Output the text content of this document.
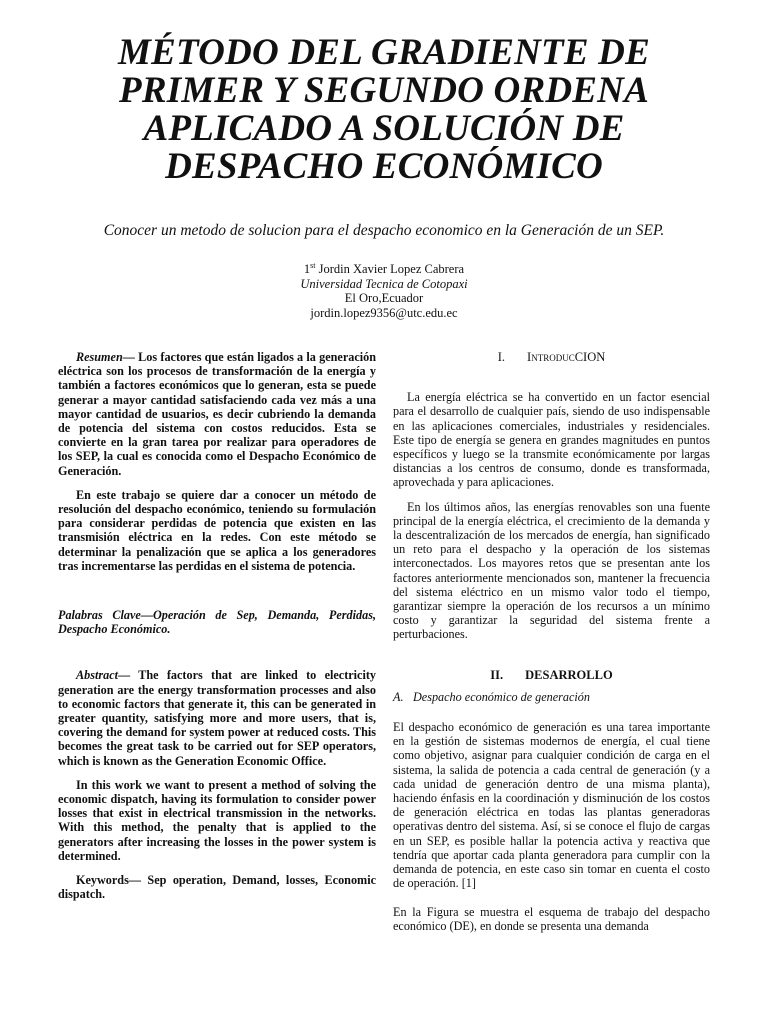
MÉTODO DEL GRADIENTE DE
PRIMER Y SEGUNDO ORDENA
APLICADO A SOLUCIÓN DE
DESPACHO ECONÓMICO
Conocer un metodo de solucion para el despacho economico en la Generación de un SEP.
1st Jordin Xavier Lopez Cabrera
Universidad Tecnica de Cotopaxi
El Oro,Ecuador
jordin.lopez9356@utc.edu.ec

Resumen— Los factores que están ligados a la generación eléctrica son los procesos de transformación de la energía y también a factores económicos que lo generan, esta se puede generar a mayor cantidad satisfaciendo cada vez más a una mayor cantidad de usuarios, es decir cubriendo la demanda de potencia del sistema con costos reducidos. Esta se convierte en la gran tarea por realizar para operadores de los SEP, la cual es conocida como el Despacho Económico de Generación.

En este trabajo se quiere dar a conocer un método de resolución del despacho económico, teniendo su formulación para considerar perdidas de potencia que existen en las transmisión eléctrica en la redes. Con este método se determinar la penalización que se aplica a los generadores tras incrementarse las perdidas en el sistema de potencia.

Palabras Clave—Operación de Sep, Demanda, Perdidas, Despacho Económico.

Abstract— The factors that are linked to electricity generation are the energy transformation processes and also to economic factors that generate it, this can be generated in greater quantity, satisfying more and more users, that is, covering the demand for system power at reduced costs. This becomes the great task to be carried out for SEP operators, which is known as the Generation Economic Office.

In this work we want to present a method of solving the economic dispatch, having its formulation to consider power losses that exist in electrical transmission in the networks. With this method, the penalty that is applied to the generators after increasing the losses in the power system is determined.

Keywords— Sep operation, Demand, losses, Economic dispatch.

I. IntroducCION

La energía eléctrica se ha convertido en un factor esencial para el desarrollo de cualquier país, siendo de uso indispensable en las aplicaciones comerciales, industriales y residenciales. Este tipo de energía se genera en grandes magnitudes en puntos específicos y luego se la transmite económicamente por largas distancias a los centros de consumo, donde es transformada, aprovechada y para aplicaciones.

En los últimos años, las energías renovables son una fuente principal de la energía eléctrica, el crecimiento de la demanda y la descentralización de los mercados de energía, han significado un reto para el despacho y la operación de los sistemas interconectados. Los mayores retos que se presentan ante los factores anteriormente mencionados son, mantener la frecuencia del sistema eléctrico en un mismo valor todo el tiempo, garantizar siempre la operación de los recursos a un mínimo costo y garantizar la seguridad del sistema frente a perturbaciones.

II. DESARROLLO

A. Despacho económico de generación

El despacho económico de generación es una tarea importante en la gestión de sistemas modernos de energía, el cual tiene como objetivo, asignar para cualquier condición de carga en el sistema, la salida de potencia a cada central de generación (y a cada unidad de generación dentro de una misma planta), haciendo énfasis en la coordinación y disminución de los costos de generación eléctrica en todas las plantas generadoras operativas dentro del sistema. Así, si se conoce el flujo de cargas en un SEP, es posible hallar la potencia activa y reactiva que tendría que aportar cada planta generadora para cumplir con la demanda de potencia, en este caso sin tomar en cuenta el costo de operación. [1]

En la Figura se muestra el esquema de trabajo del despacho económico (DE), en donde se presenta una demanda
